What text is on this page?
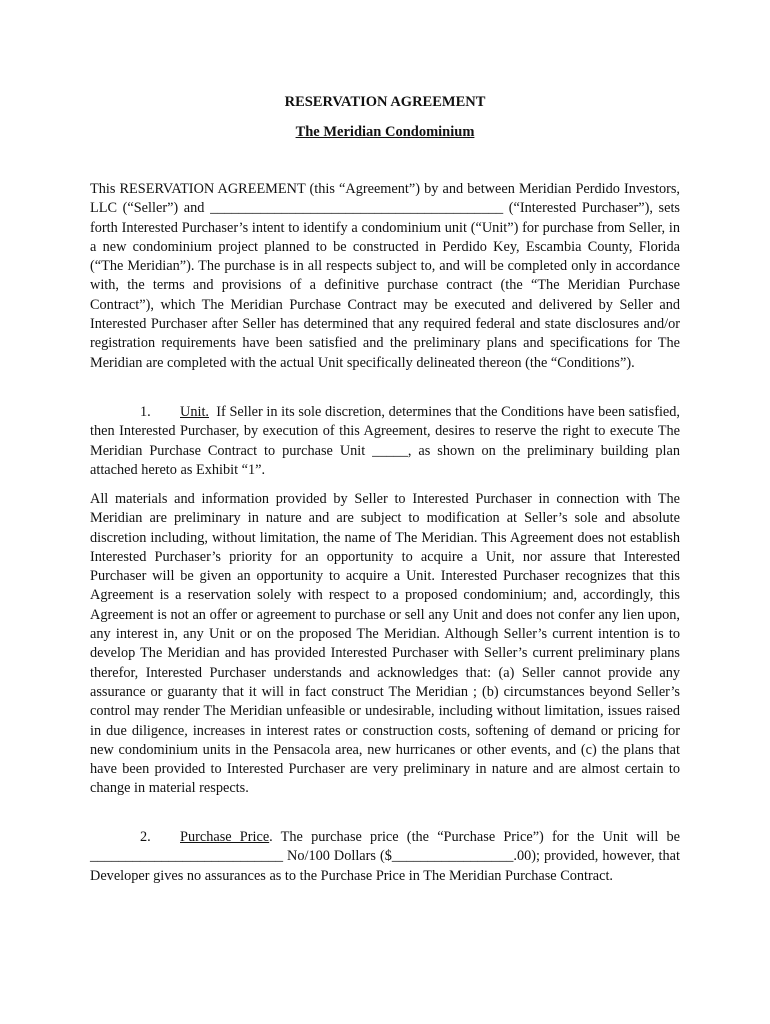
RESERVATION AGREEMENT
The Meridian Condominium

This RESERVATION AGREEMENT (this “Agreement”) by and between Meridian Perdido Investors, LLC (“Seller”) and _________________________________________ (“Interested Purchaser”), sets forth Interested Purchaser’s intent to identify a condominium unit (“Unit”) for purchase from Seller, in a new condominium project planned to be constructed in Perdido Key, Escambia County, Florida (“The Meridian”). The purchase is in all respects subject to, and will be completed only in accordance with, the terms and provisions of a definitive purchase contract (the “The Meridian Purchase Contract”), which The Meridian Purchase Contract may be executed and delivered by Seller and Interested Purchaser after Seller has determined that any required federal and state disclosures and/or registration requirements have been satisfied and the preliminary plans and specifications for The Meridian are completed with the actual Unit specifically delineated thereon (the “Conditions”).

1. Unit. If Seller in its sole discretion, determines that the Conditions have been satisfied, then Interested Purchaser, by execution of this Agreement, desires to reserve the right to execute The Meridian Purchase Contract to purchase Unit _____, as shown on the preliminary building plan attached hereto as Exhibit “1”.

All materials and information provided by Seller to Interested Purchaser in connection with The Meridian are preliminary in nature and are subject to modification at Seller’s sole and absolute discretion including, without limitation, the name of The Meridian. This Agreement does not establish Interested Purchaser’s priority for an opportunity to acquire a Unit, nor assure that Interested Purchaser will be given an opportunity to acquire a Unit. Interested Purchaser recognizes that this Agreement is a reservation solely with respect to a proposed condominium; and, accordingly, this Agreement is not an offer or agreement to purchase or sell any Unit and does not confer any lien upon, any interest in, any Unit or on the proposed The Meridian. Although Seller’s current intention is to develop The Meridian and has provided Interested Purchaser with Seller’s current preliminary plans therefor, Interested Purchaser understands and acknowledges that: (a) Seller cannot provide any assurance or guaranty that it will in fact construct The Meridian ; (b) circumstances beyond Seller’s control may render The Meridian unfeasible or undesirable, including without limitation, issues raised in due diligence, increases in interest rates or construction costs, softening of demand or pricing for new condominium units in the Pensacola area, new hurricanes or other events, and (c) the plans that have been provided to Interested Purchaser are very preliminary in nature and are almost certain to change in material respects.

2. Purchase Price. The purchase price (the “Purchase Price”) for the Unit will be ___________________________ No/100 Dollars ($_________________.00); provided, however, that Developer gives no assurances as to the Purchase Price in The Meridian Purchase Contract.
